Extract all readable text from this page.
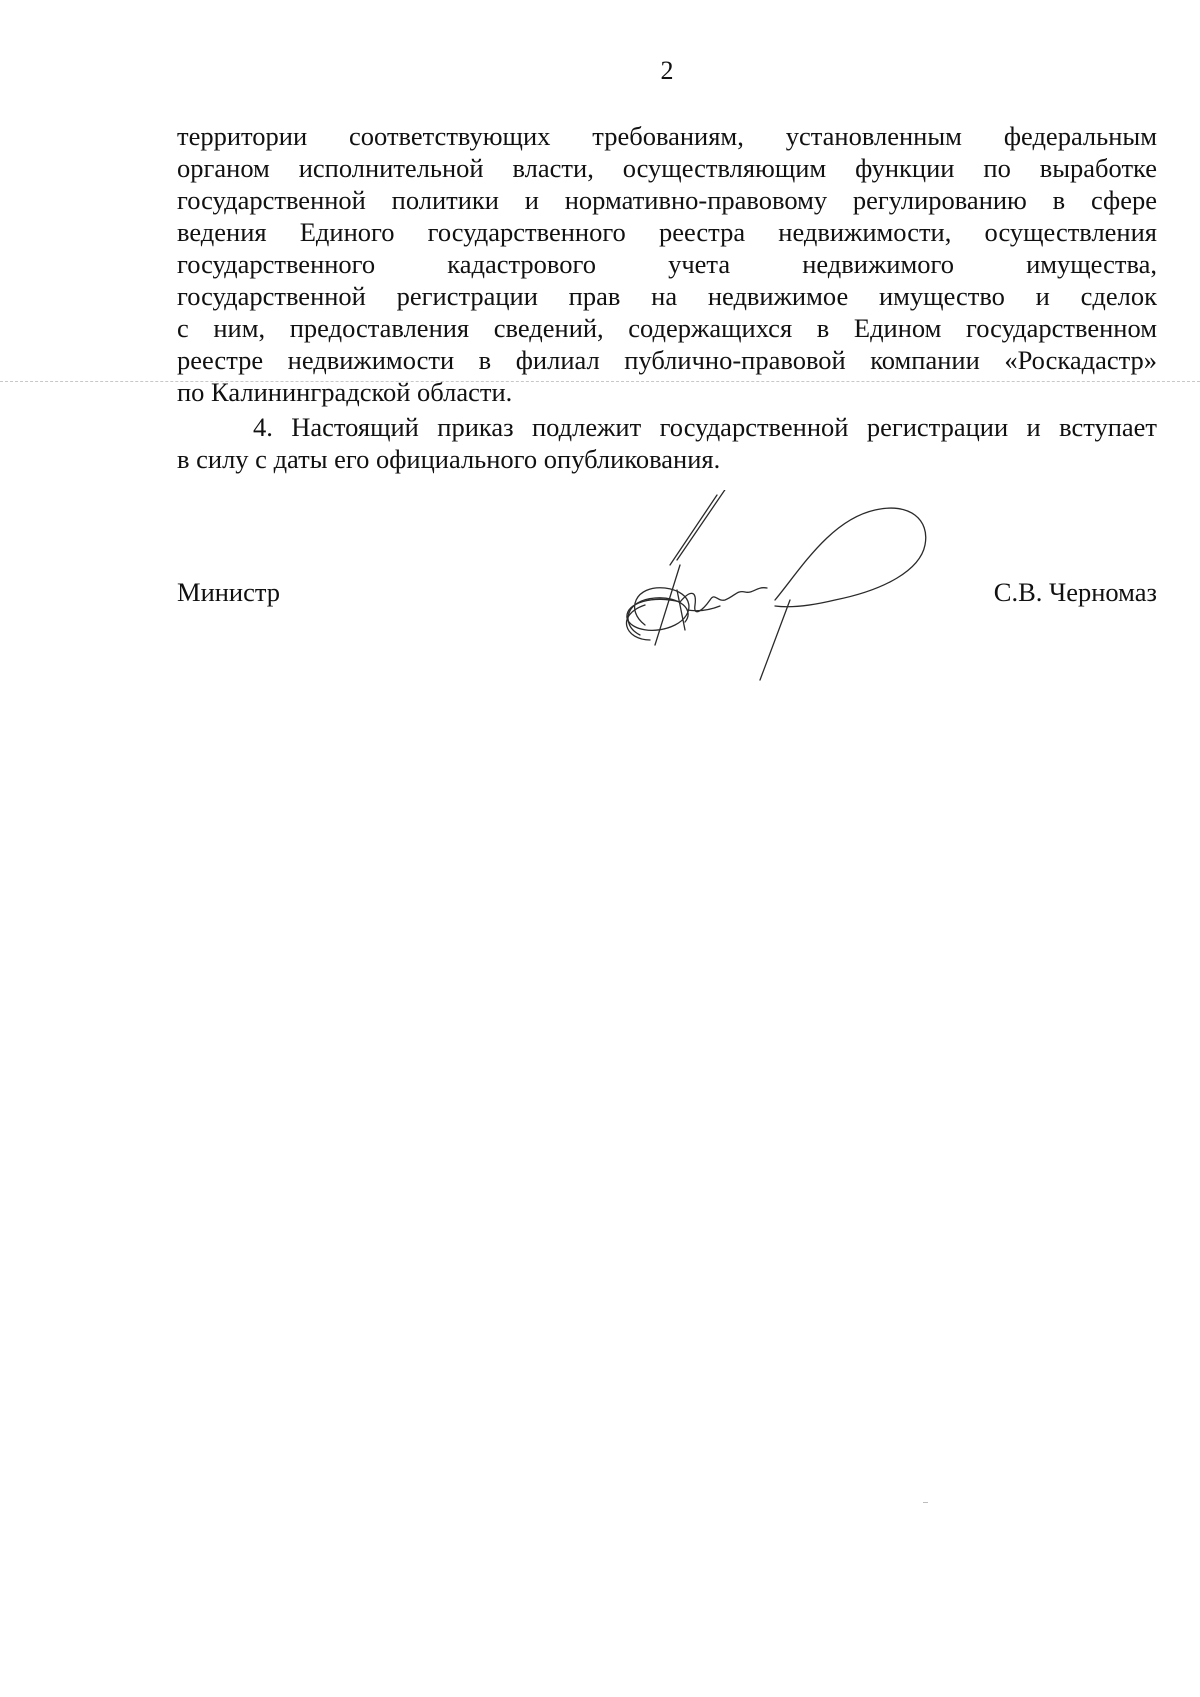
2
территории соответствующих требованиям, установленным федеральным
органом исполнительной власти, осуществляющим функции по выработке
государственной политики и нормативно-правовому регулированию в сфере
ведения Единого государственного реестра недвижимости, осуществления
государственного кадастрового учета недвижимого имущества,
государственной регистрации прав на недвижимое имущество и сделок
с ним, предоставления сведений, содержащихся в Едином государственном
реестре недвижимости в филиал публично-правовой компании «Роскадастр»
по Калининградской области.
4. Настоящий приказ подлежит государственной регистрации и вступает
в силу с даты его официального опубликования.
Министр	С.В. Черномаз
